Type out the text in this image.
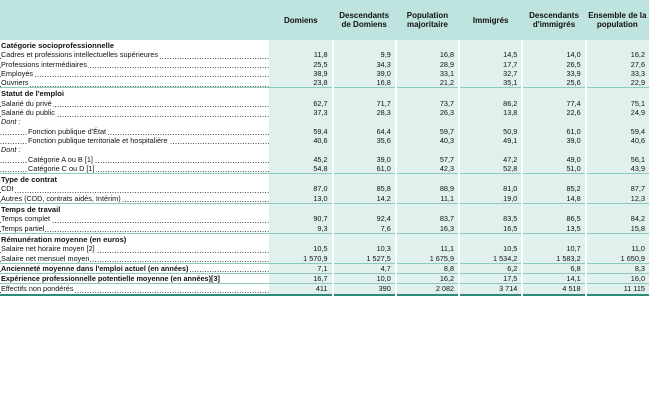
	Domiens	Descendants de Domiens	Population majoritaire	Immigrés	Descendants d'immigrés	Ensemble de la population
Catégorie socioprofessionnelle						
Cadres et professions intellectuelles supérieures	11,8	9,9	16,8	14,5	14,0	16,2
Professions intermédiaires	25,5	34,3	28,9	17,7	26,5	27,6
Employés	38,9	39,0	33,1	32,7	33,9	33,3
Ouvriers	23,8	16,8	21,2	35,1	25,6	22,9
Statut de l'emploi						
Salarié du privé	62,7	71,7	73,7	86,2	77,4	75,1
Salarié du public	37,3	28,3	26,3	13,8	22,6	24,9
Dont :						
Fonction publique d'État	59,4	64,4	59,7	50,9	61,0	59,4
Fonction publique territoriale et hospitalière	40,6	35,6	40,3	49,1	39,0	40,6
Dont :						
Catégorie A ou B [1]	45,2	39,0	57,7	47,2	49,0	56,1
Catégorie C ou D [1]	54,8	61,0	42,3	52,8	51,0	43,9
Type de contrat						
CDI	87,0	85,8	88,9	81,0	85,2	87,7
Autres (CDD, contrats aidés, Intérim)	13,0	14,2	11,1	19,0	14,8	12,3
Temps de travail						
Temps complet	90,7	92,4	83,7	83,5	86,5	84,2
Temps partiel	9,3	7,6	16,3	16,5	13,5	15,8
Rémunération moyenne (en euros)						
Salaire net horaire moyen [2]	10,5	10,3	11,1	10,5	10,7	11,0
Salaire net mensuel moyen	1 570,9	1 527,5	1 675,9	1 534,2	1 583,2	1 650,9
Ancienneté moyenne dans l'emploi actuel (en années)	7,1	4,7	8,8	6,2	6,8	8,3
Expérience professionnelle potentielle moyenne (en années)[3]	16,7	10,0	16,2	17,5	14,1	16,0
Effectifs non pondérés	411	390	2 082	3 714	4 518	11 115
